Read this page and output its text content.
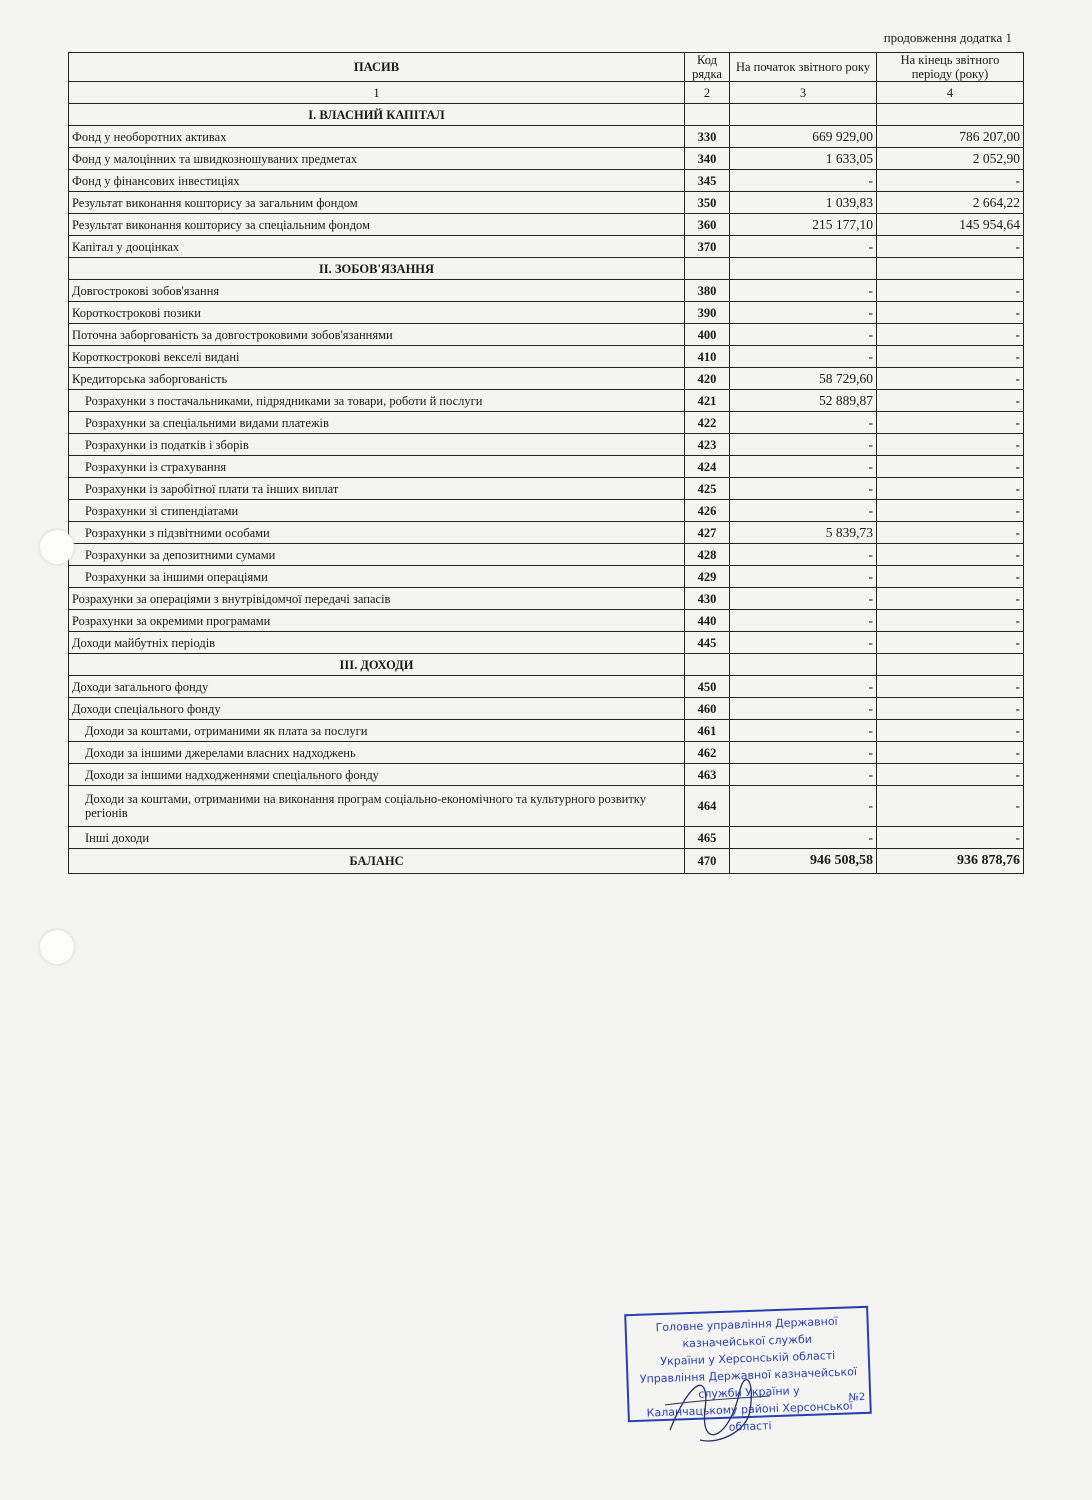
продовження додатка 1
ПАСИВ	Код рядка	На початок звітного року	На кінець звітного періоду (року)
1	2	3	4
І. ВЛАСНИЙ КАПІТАЛ			
Фонд у необоротних активах	330	669 929,00	786 207,00
Фонд у малоцінних та швидкозношуваних предметах	340	1 633,05	2 052,90
Фонд у фінансових інвестиціях	345	-	-
Результат виконання кошторису за загальним фондом	350	1 039,83	2 664,22
Результат виконання кошторису за спеціальним фондом	360	215 177,10	145 954,64
Капітал у дооцінках	370	-	-
ІІ. ЗОБОВ'ЯЗАННЯ			
Довгострокові зобов'язання	380	-	-
Короткострокові позики	390	-	-
Поточна заборгованість за довгостроковими зобов'язаннями	400	-	-
Короткострокові векселі видані	410	-	-
Кредиторська заборгованість	420	58 729,60	-
Розрахунки з постачальниками, підрядниками за товари, роботи й послуги	421	52 889,87	-
Розрахунки за спеціальними видами платежів	422	-	-
Розрахунки із податків і зборів	423	-	-
Розрахунки із страхування	424	-	-
Розрахунки із заробітної плати та інших виплат	425	-	-
Розрахунки зі стипендіатами	426	-	-
Розрахунки з підзвітними особами	427	5 839,73	-
Розрахунки за депозитними сумами	428	-	-
Розрахунки за іншими операціями	429	-	-
Розрахунки за операціями з внутрівідомчої передачі запасів	430	-	-
Розрахунки за окремими програмами	440	-	-
Доходи майбутніх періодів	445	-	-
ІІІ. ДОХОДИ			
Доходи загального фонду	450	-	-
Доходи спеціального фонду	460	-	-
Доходи за коштами, отриманими як плата за послуги	461	-	-
Доходи за іншими джерелами власних надходжень	462	-	-
Доходи за іншими надходженнями спеціального фонду	463	-	-
Доходи за коштами, отриманими на виконання програм соціально-економічного та культурного розвитку регіонів	464	-	-
Інші доходи	465	-	-
БАЛАНС	470	946 508,58	936 878,76
Головне управління Державної казначейської служби
України у Херсонській області
Управління Державної казначейської служби України у
Каланчацькому районі Херсонської області
№2
